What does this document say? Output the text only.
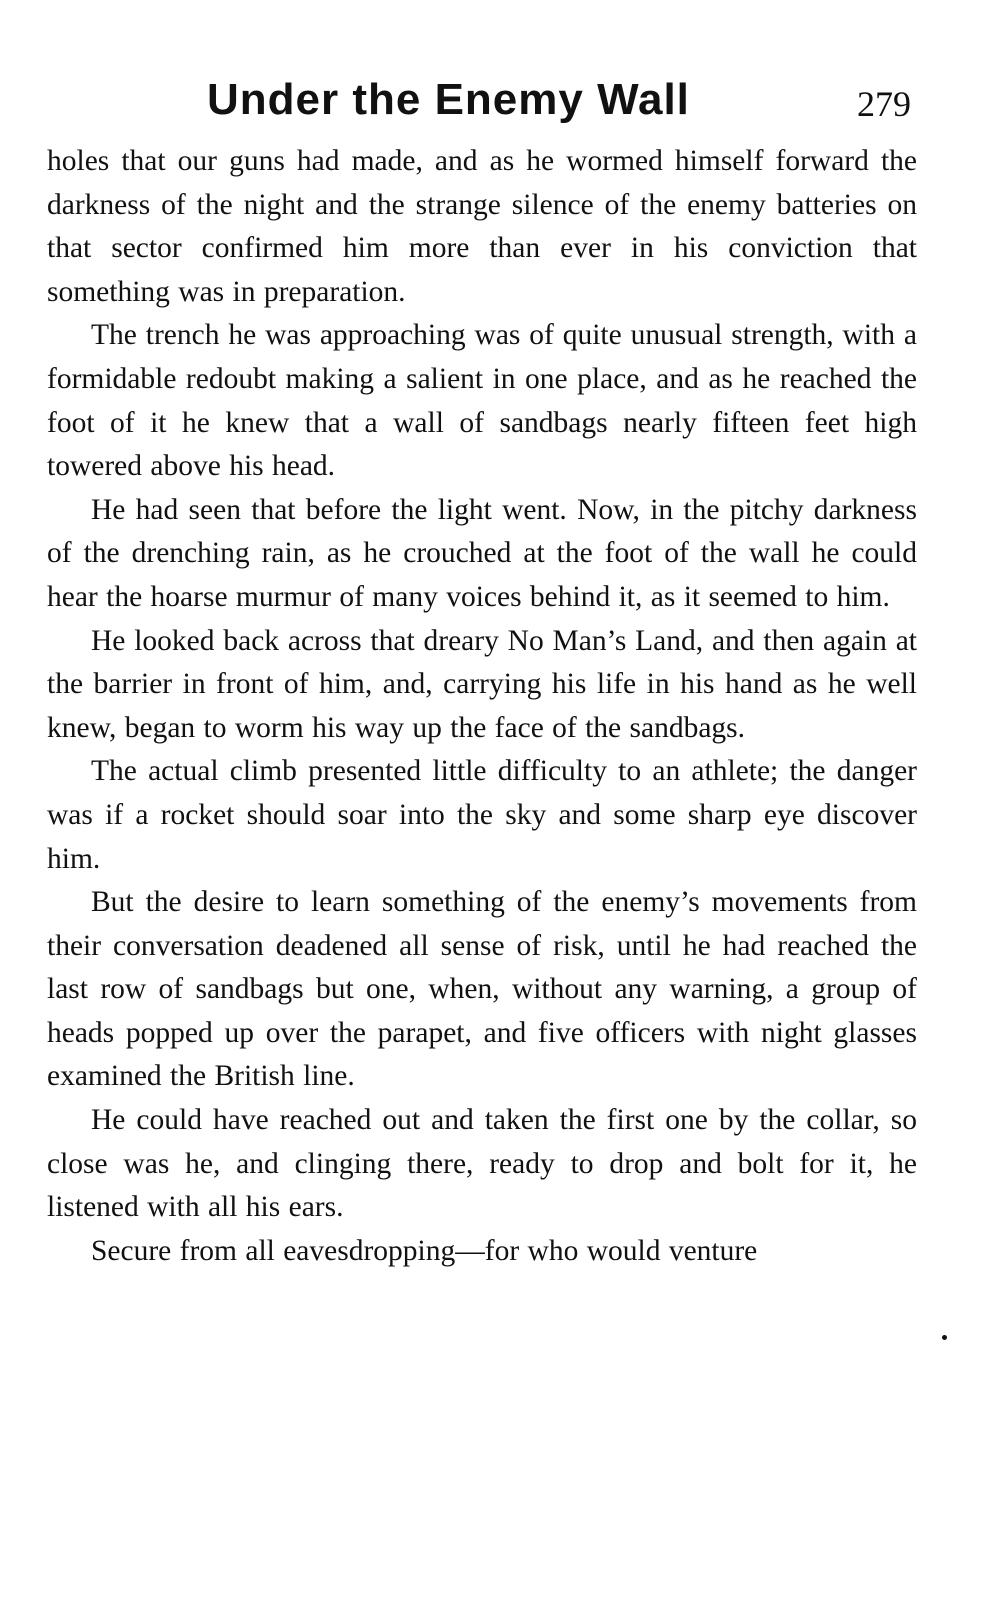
Under the Enemy Wall	279

holes that our guns had made, and as he wormed himself forward the darkness of the night and the strange silence of the enemy batteries on that sector confirmed him more than ever in his conviction that something was in preparation.

The trench he was approaching was of quite unusual strength, with a formidable redoubt making a salient in one place, and as he reached the foot of it he knew that a wall of sandbags nearly fifteen feet high towered above his head.

He had seen that before the light went. Now, in the pitchy darkness of the drenching rain, as he crouched at the foot of the wall he could hear the hoarse murmur of many voices behind it, as it seemed to him.

He looked back across that dreary No Man’s Land, and then again at the barrier in front of him, and, carrying his life in his hand as he well knew, began to worm his way up the face of the sandbags.

The actual climb presented little difficulty to an athlete; the danger was if a rocket should soar into the sky and some sharp eye discover him.

But the desire to learn something of the enemy’s movements from their conversation deadened all sense of risk, until he had reached the last row of sandbags but one, when, without any warning, a group of heads popped up over the parapet, and five officers with night glasses examined the British line.

He could have reached out and taken the first one by the collar, so close was he, and clinging there, ready to drop and bolt for it, he listened with all his ears.

Secure from all eavesdropping—for who would venture
